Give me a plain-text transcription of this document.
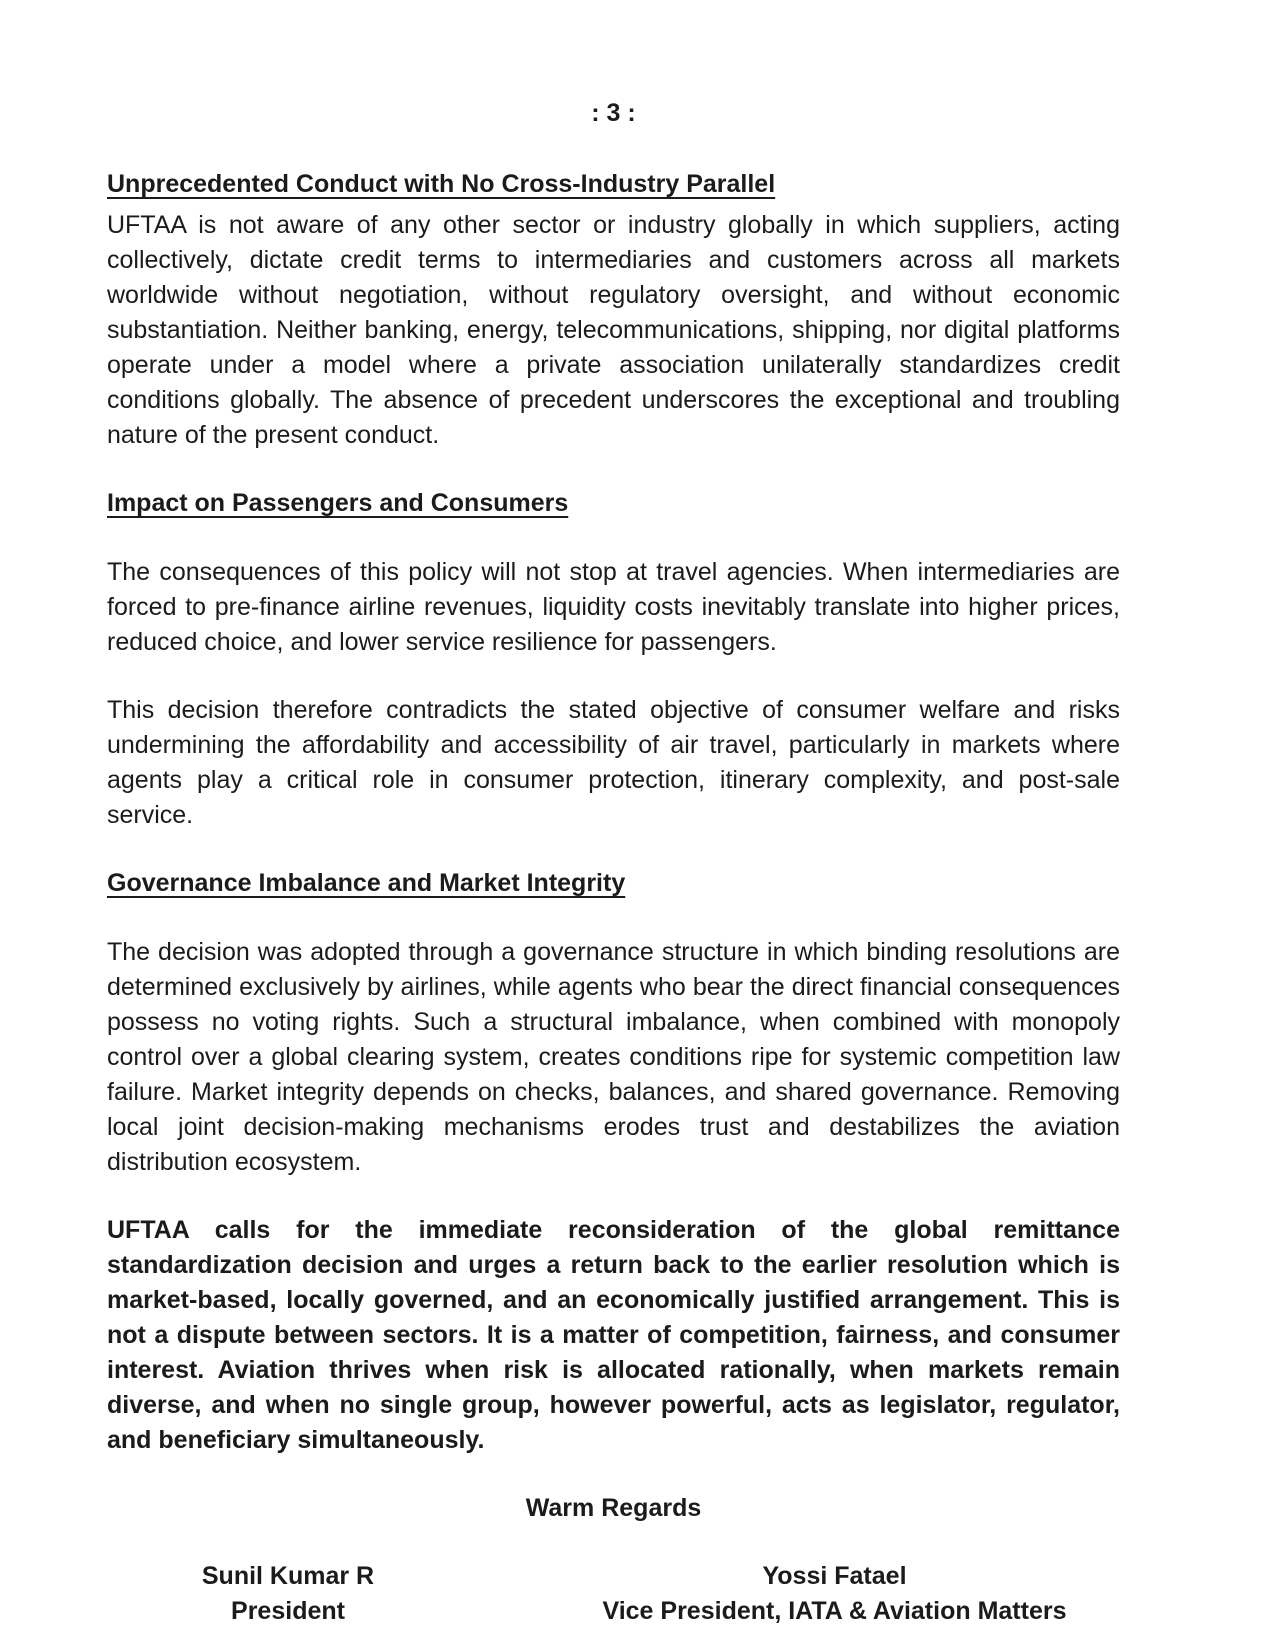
: 3 :
Unprecedented Conduct with No Cross-Industry Parallel

UFTAA is not aware of any other sector or industry globally in which suppliers, acting collectively, dictate credit terms to intermediaries and customers across all markets worldwide without negotiation, without regulatory oversight, and without economic substantiation. Neither banking, energy, telecommunications, shipping, nor digital platforms operate under a model where a private association unilaterally standardizes credit conditions globally. The absence of precedent underscores the exceptional and troubling nature of the present conduct.

Impact on Passengers and Consumers

The consequences of this policy will not stop at travel agencies. When intermediaries are forced to pre-finance airline revenues, liquidity costs inevitably translate into higher prices, reduced choice, and lower service resilience for passengers.

This decision therefore contradicts the stated objective of consumer welfare and risks undermining the affordability and accessibility of air travel, particularly in markets where agents play a critical role in consumer protection, itinerary complexity, and post-sale service.

Governance Imbalance and Market Integrity

The decision was adopted through a governance structure in which binding resolutions are determined exclusively by airlines, while agents who bear the direct financial consequences possess no voting rights. Such a structural imbalance, when combined with monopoly control over a global clearing system, creates conditions ripe for systemic competition law failure. Market integrity depends on checks, balances, and shared governance. Removing local joint decision-making mechanisms erodes trust and destabilizes the aviation distribution ecosystem.

UFTAA calls for the immediate reconsideration of the global remittance standardization decision and urges a return back to the earlier resolution which is market-based, locally governed, and an economically justified arrangement. This is not a dispute between sectors. It is a matter of competition, fairness, and consumer interest. Aviation thrives when risk is allocated rationally, when markets remain diverse, and when no single group, however powerful, acts as legislator, regulator, and beneficiary simultaneously.

Warm Regards
Sunil Kumar R
President
Yossi Fatael
Vice President, IATA & Aviation Matters
